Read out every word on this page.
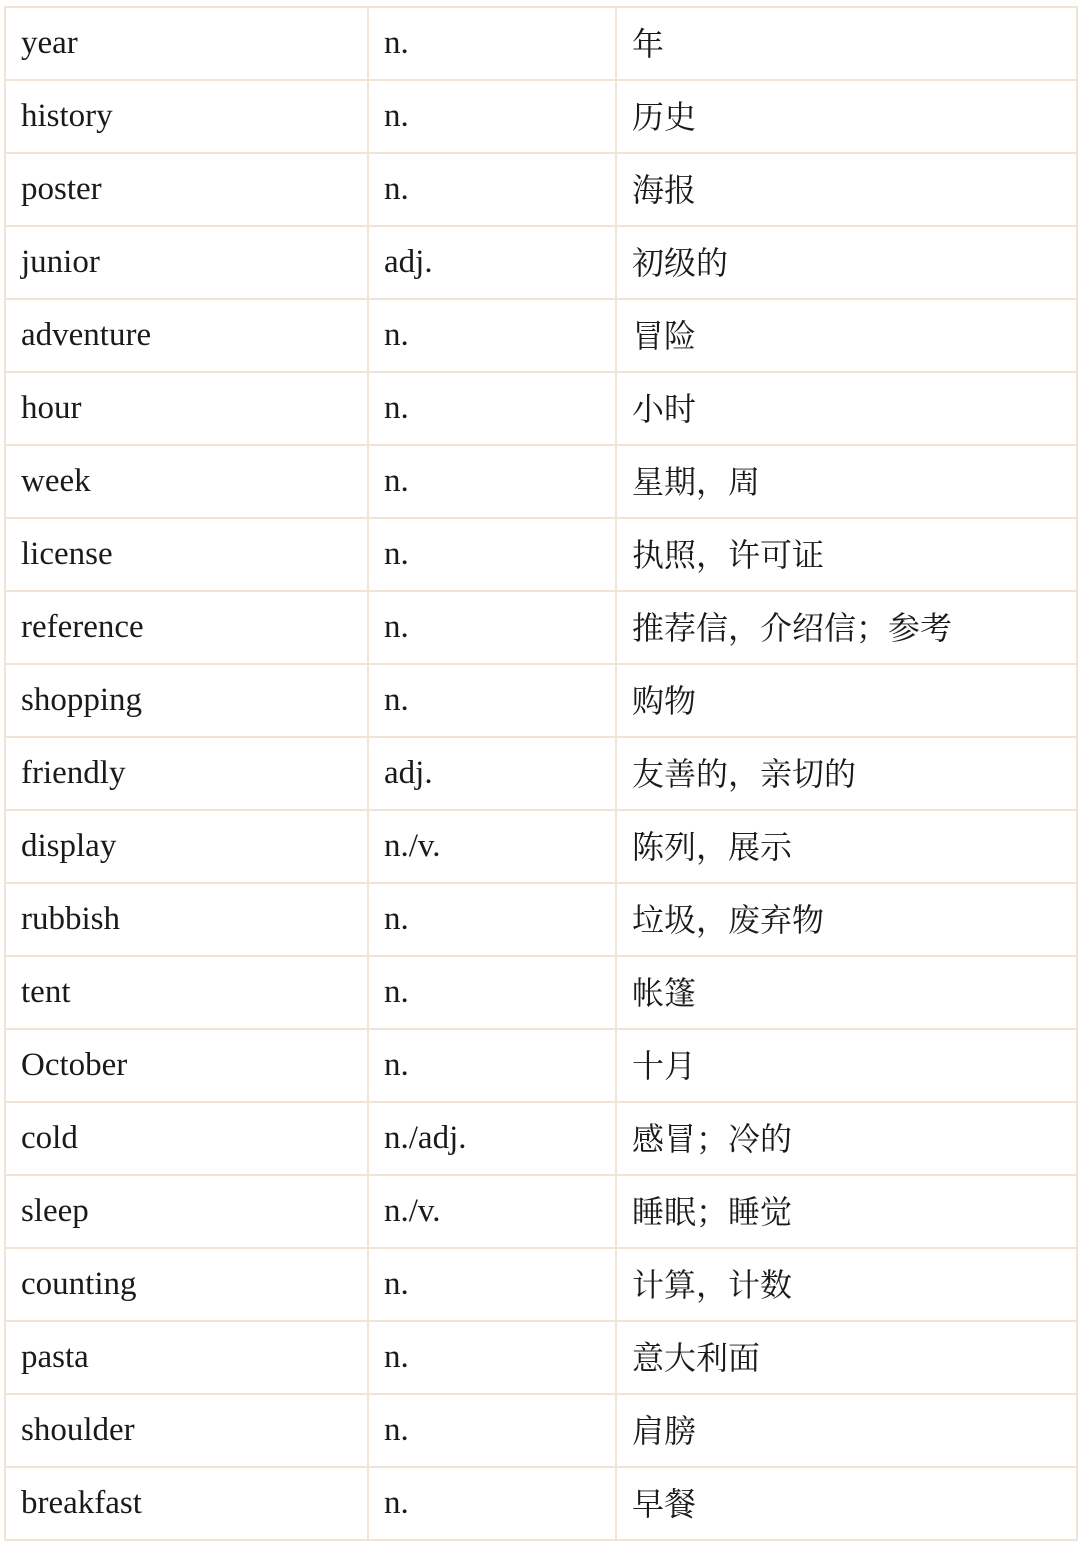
year	n.	年
history	n.	历史
poster	n.	海报
junior	adj.	初级的
adventure	n.	冒险
hour	n.	小时
week	n.	星期，周
license	n.	执照，许可证
reference	n.	推荐信，介绍信；参考
shopping	n.	购物
friendly	adj.	友善的，亲切的
display	n./v.	陈列，展示
rubbish	n.	垃圾，废弃物
tent	n.	帐篷
October	n.	十月
cold	n./adj.	感冒；冷的
sleep	n./v.	睡眠；睡觉
counting	n.	计算，计数
pasta	n.	意大利面
shoulder	n.	肩膀
breakfast	n.	早餐
